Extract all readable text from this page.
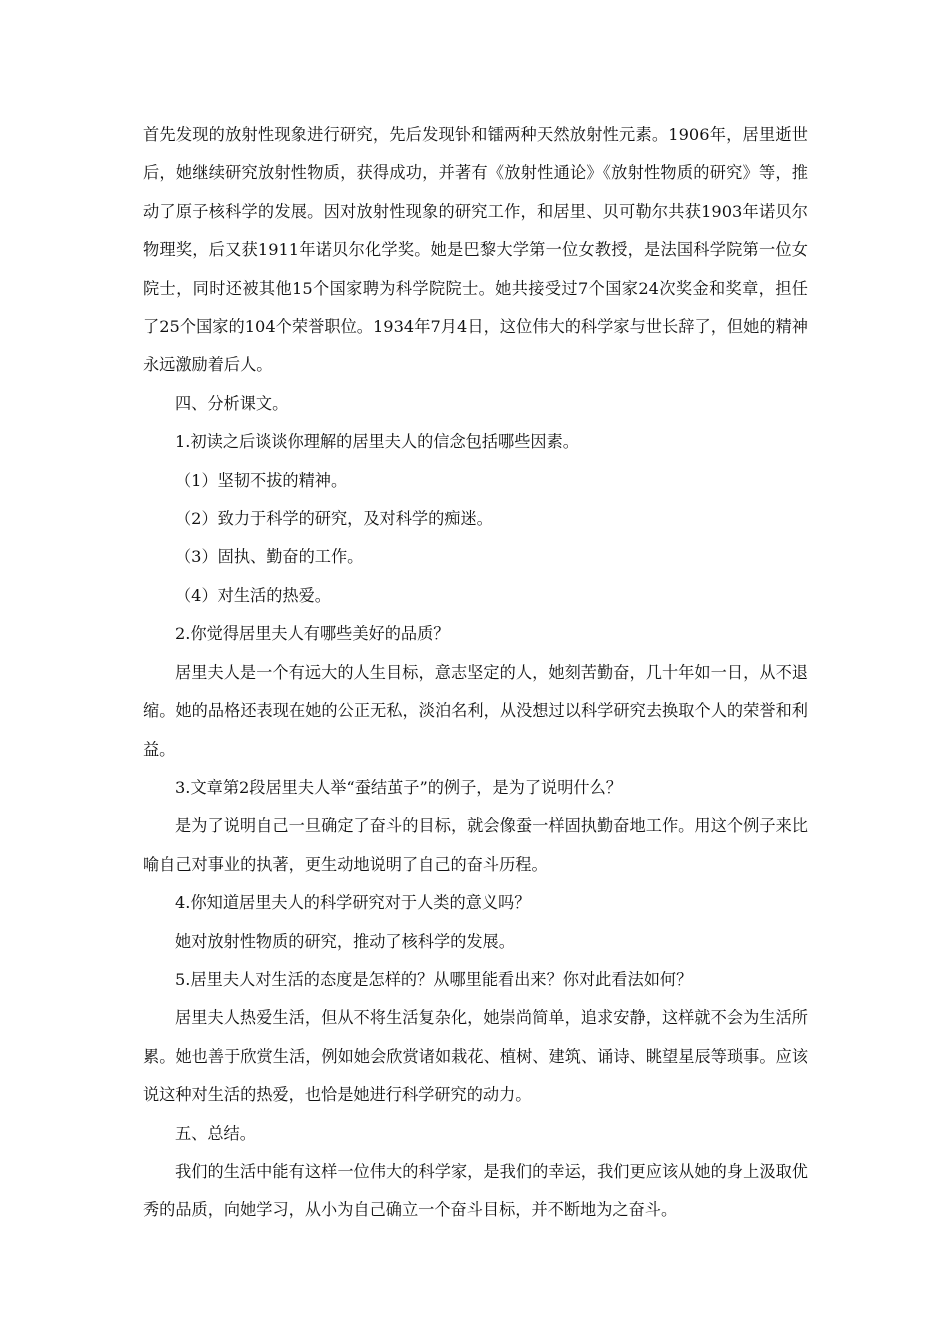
首先发现的放射性现象进行研究，先后发现钋和镭两种天然放射性元素。1906年，居里逝世后，她继续研究放射性物质，获得成功，并著有《放射性通论》《放射性物质的研究》等，推动了原子核科学的发展。因对放射性现象的研究工作，和居里、贝可勒尔共获1903年诺贝尔物理奖，后又获1911年诺贝尔化学奖。她是巴黎大学第一位女教授，是法国科学院第一位女院士，同时还被其他15个国家聘为科学院院士。她共接受过7个国家24次奖金和奖章，担任了25个国家的104个荣誉职位。1934年7月4日，这位伟大的科学家与世长辞了，但她的精神永远激励着后人。

四、分析课文。

1.初读之后谈谈你理解的居里夫人的信念包括哪些因素。

（1）坚韧不拔的精神。

（2）致力于科学的研究，及对科学的痴迷。

（3）固执、勤奋的工作。

（4）对生活的热爱。

2.你觉得居里夫人有哪些美好的品质？

居里夫人是一个有远大的人生目标，意志坚定的人，她刻苦勤奋，几十年如一日，从不退缩。她的品格还表现在她的公正无私，淡泊名利，从没想过以科学研究去换取个人的荣誉和利益。

3.文章第2段居里夫人举“蚕结茧子”的例子，是为了说明什么？

是为了说明自己一旦确定了奋斗的目标，就会像蚕一样固执勤奋地工作。用这个例子来比喻自己对事业的执著，更生动地说明了自己的奋斗历程。

4.你知道居里夫人的科学研究对于人类的意义吗？

她对放射性物质的研究，推动了核科学的发展。

5.居里夫人对生活的态度是怎样的？从哪里能看出来？你对此看法如何？

居里夫人热爱生活，但从不将生活复杂化，她崇尚简单，追求安静，这样就不会为生活所累。她也善于欣赏生活，例如她会欣赏诸如栽花、植树、建筑、诵诗、眺望星辰等琐事。应该说这种对生活的热爱，也恰是她进行科学研究的动力。

五、总结。

我们的生活中能有这样一位伟大的科学家，是我们的幸运，我们更应该从她的身上汲取优秀的品质，向她学习，从小为自己确立一个奋斗目标，并不断地为之奋斗。
